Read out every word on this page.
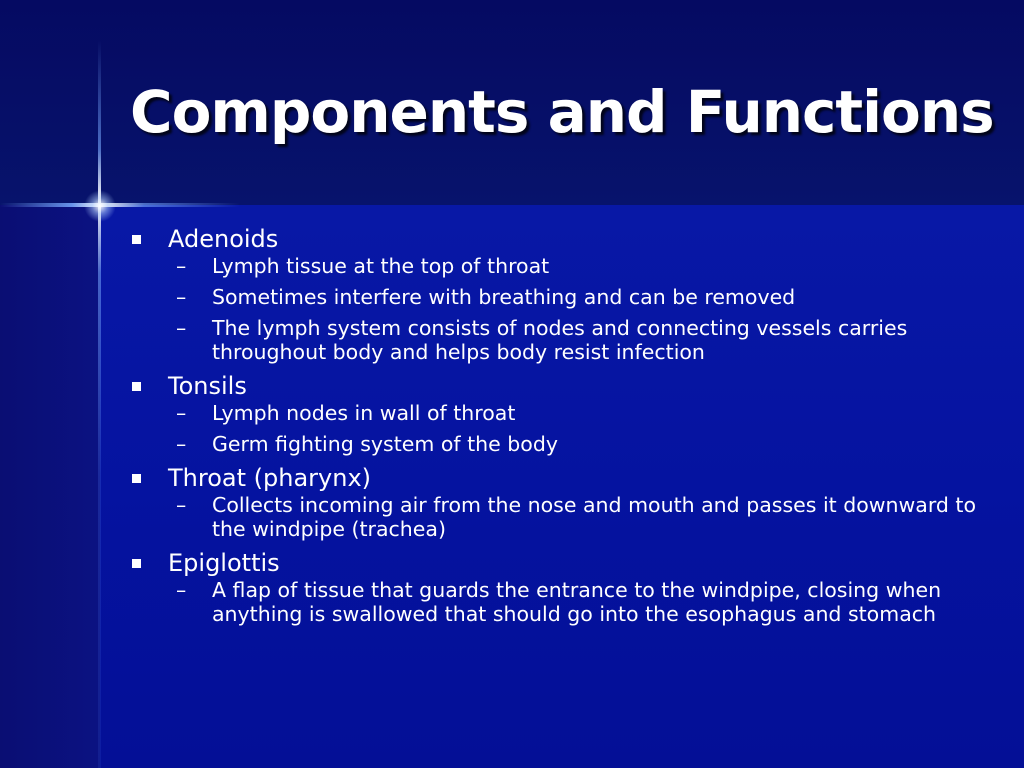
Components and Functions
Adenoids
– Lymph tissue at the top of throat
– Sometimes interfere with breathing and can be removed
– The lymph system consists of nodes and connecting vessels carries throughout body and helps body resist infection
Tonsils
– Lymph nodes in wall of throat
– Germ fighting system of the body
Throat (pharynx)
– Collects incoming air from the nose and mouth and passes it downward to the windpipe (trachea)
Epiglottis
– A flap of tissue that guards the entrance to the windpipe, closing when anything is swallowed that should go into the esophagus and stomach
